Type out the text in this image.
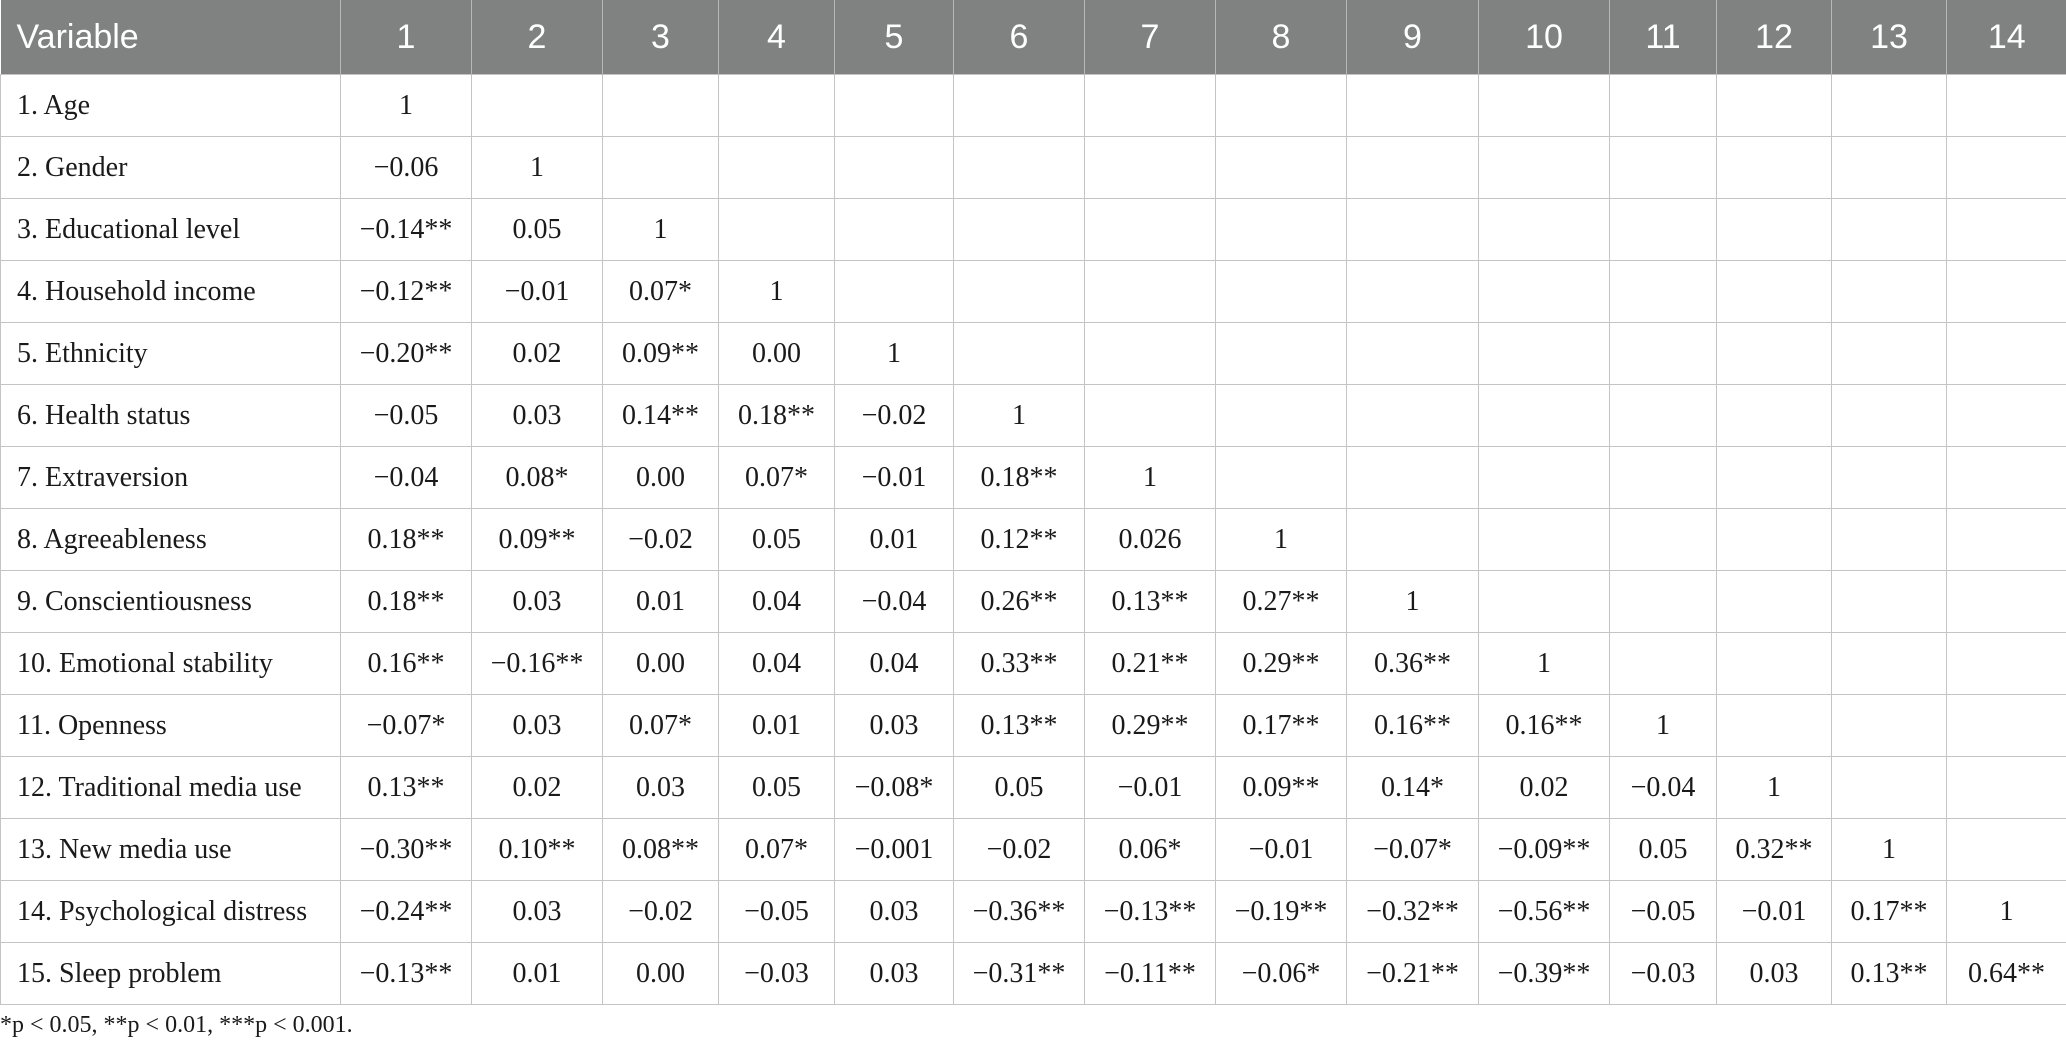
Variable	1	2	3	4	5	6	7	8	9	10	11	12	13	14
1. Age	1													
2. Gender	−0.06	1												
3. Educational level	−0.14**	0.05	1											
4. Household income	−0.12**	−0.01	0.07*	1										
5. Ethnicity	−0.20**	0.02	0.09**	0.00	1									
6. Health status	−0.05	0.03	0.14**	0.18**	−0.02	1								
7. Extraversion	−0.04	0.08*	0.00	0.07*	−0.01	0.18**	1							
8. Agreeableness	0.18**	0.09**	−0.02	0.05	0.01	0.12**	0.026	1						
9. Conscientiousness	0.18**	0.03	0.01	0.04	−0.04	0.26**	0.13**	0.27**	1					
10. Emotional stability	0.16**	−0.16**	0.00	0.04	0.04	0.33**	0.21**	0.29**	0.36**	1				
11. Openness	−0.07*	0.03	0.07*	0.01	0.03	0.13**	0.29**	0.17**	0.16**	0.16**	1			
12. Traditional media use	0.13**	0.02	0.03	0.05	−0.08*	0.05	−0.01	0.09**	0.14*	0.02	−0.04	1		
13. New media use	−0.30**	0.10**	0.08**	0.07*	−0.001	−0.02	0.06*	−0.01	−0.07*	−0.09**	0.05	0.32**	1	
14. Psychological distress	−0.24**	0.03	−0.02	−0.05	0.03	−0.36**	−0.13**	−0.19**	−0.32**	−0.56**	−0.05	−0.01	0.17**	1
15. Sleep problem	−0.13**	0.01	0.00	−0.03	0.03	−0.31**	−0.11**	−0.06*	−0.21**	−0.39**	−0.03	0.03	0.13**	0.64**
*p < 0.05, **p < 0.01, ***p < 0.001.
